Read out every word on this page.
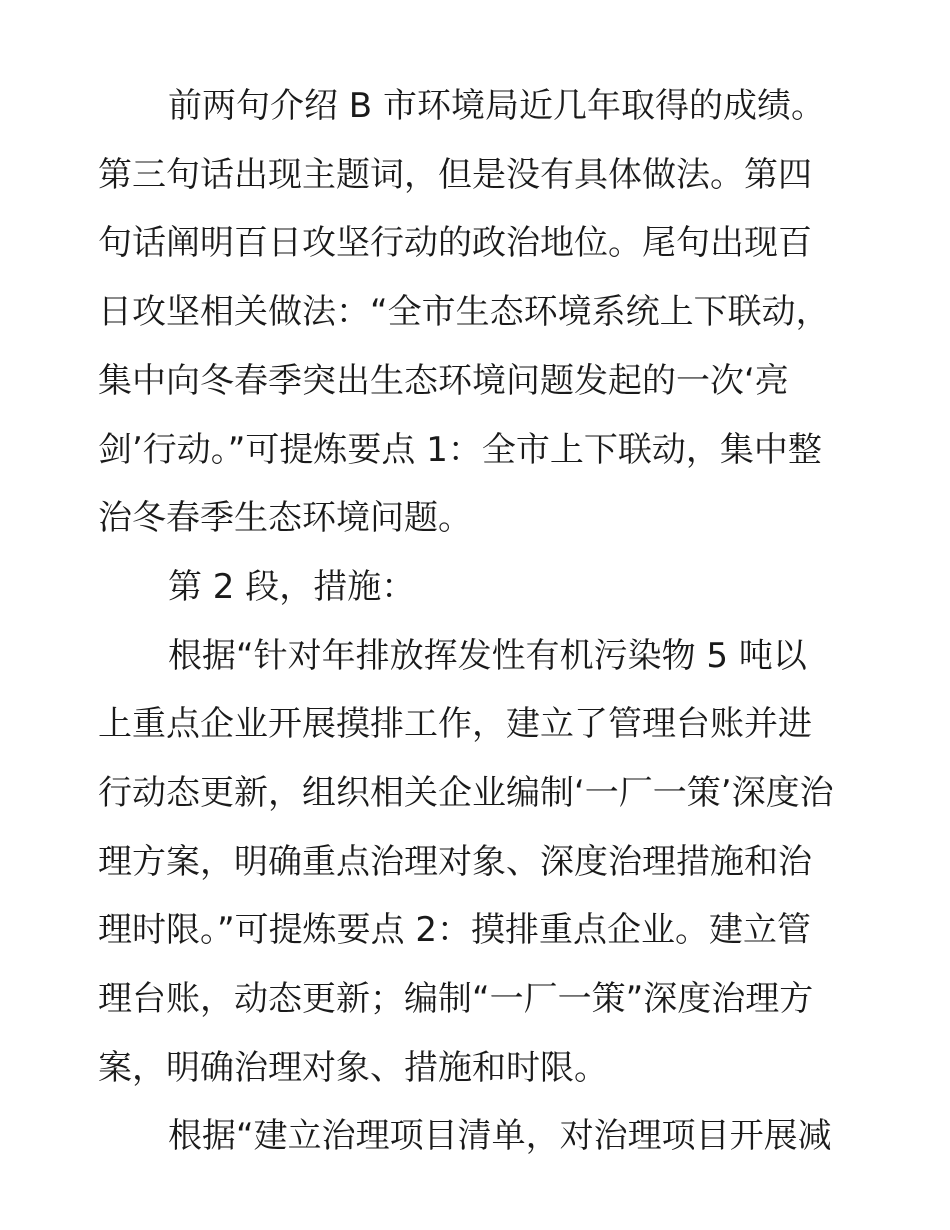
前两句介绍 B 市环境局近几年取得的成绩。
第三句话出现主题词，但是没有具体做法。第四
句话阐明百日攻坚行动的政治地位。尾句出现百
日攻坚相关做法：“全市生态环境系统上下联动，
集中向冬春季突出生态环境问题发起的一次‘亮
剑’行动。”可提炼要点 1：全市上下联动，集中整
治冬春季生态环境问题。
第 2 段，措施：
根据“针对年排放挥发性有机污染物 5 吨以
上重点企业开展摸排工作，建立了管理台账并进
行动态更新，组织相关企业编制‘一厂一策’深度治
理方案，明确重点治理对象、深度治理措施和治
理时限。”可提炼要点 2：摸排重点企业。建立管
理台账，动态更新；编制“一厂一策”深度治理方
案，明确治理对象、措施和时限。
根据“建立治理项目清单，对治理项目开展减
